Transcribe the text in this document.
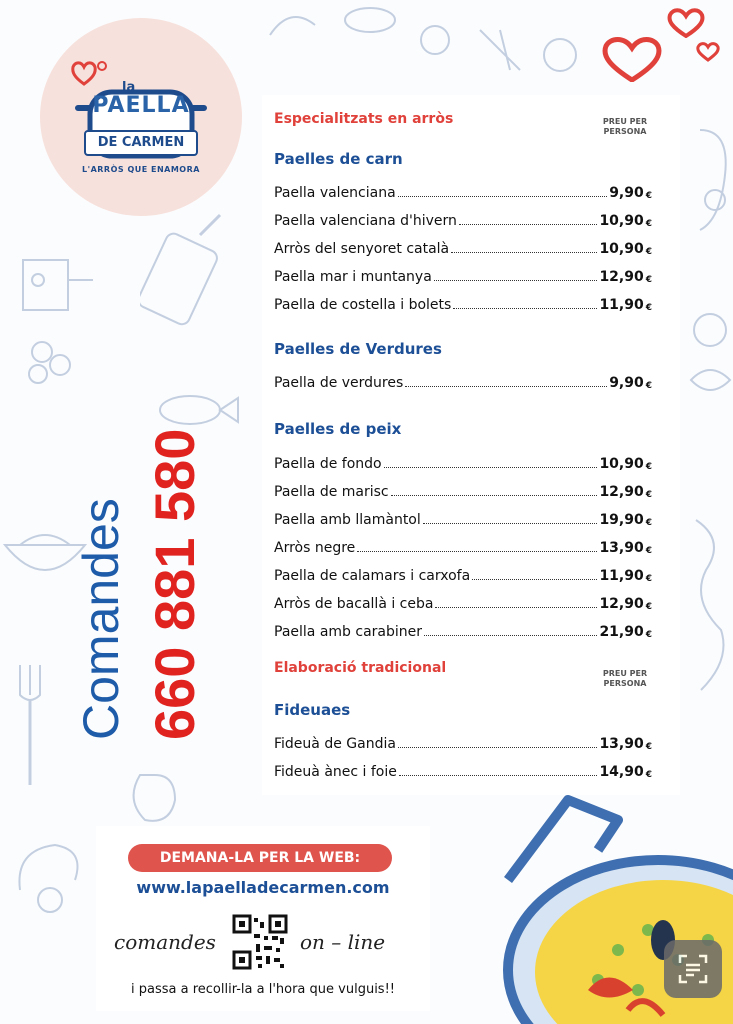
la
PAELLA
DE CARMEN
L'ARRÒS QUE ENAMORA
Comandes 660 881 580
Especialitzats en arròs	PREU PER PERSONA
Paelles de carn
Paella valenciana	9,90 €
Paella valenciana d'hivern	10,90 €
Arròs del senyoret català	10,90 €
Paella mar i muntanya	12,90 €
Paella de costella i bolets	11,90 €
Paelles de Verdures
Paella de verdures	9,90 €
Paelles de peix
Paella de fondo	10,90 €
Paella de marisc	12,90 €
Paella amb llamàntol	19,90 €
Arròs negre	13,90 €
Paella de calamars i carxofa	11,90 €
Arròs de bacallà i ceba	12,90 €
Paella amb carabiner	21,90 €
Elaboració tradicional	PREU PER PERSONA
Fideuaes
Fideuà de Gandia	13,90 €
Fideuà ànec i foie	14,90 €
DEMANA-LA PER LA WEB:
www.lapaelladecarmen.com
comandes	on – line
i passa a recollir-la a l'hora que vulguis!!
